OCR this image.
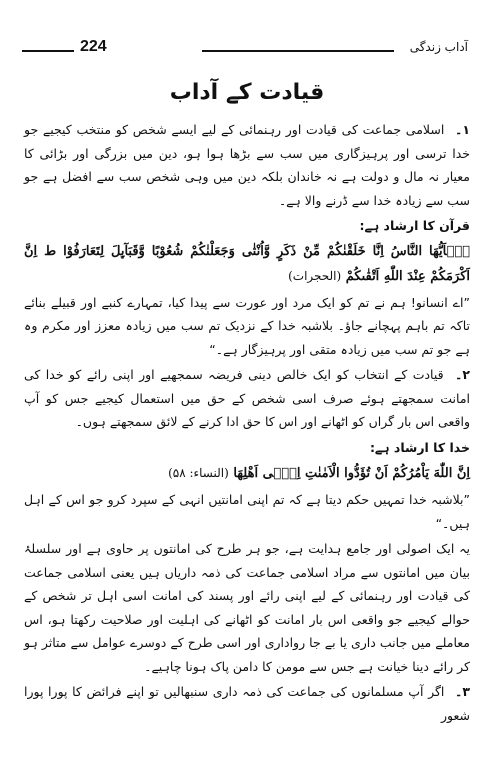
224	آداب زندگی
قیادت کے آداب

۱۔ اسلامی جماعت کی قیادت اور رہنمائی کے لیے ایسے شخص کو منتخب کیجیے جو خدا ترسی اور پرہیزگاری میں سب سے بڑھا ہوا ہو، دین میں بزرگی اور بڑائی کا معیار نہ مال و دولت ہے نہ خاندان بلکہ دین میں وہی شخص سب سے افضل ہے جو سب سے زیادہ خدا سے ڈرنے والا ہے۔

قرآن کا ارشاد ہے:

یٰۤاَیُّهَا النَّاسُ اِنَّا خَلَقْنٰكُمْ مِّنْ ذَكَرٍ وَّاُنْثٰى وَجَعَلْنٰكُمْ شُعُوْبًا وَّقَبَآىِٕلَ لِتَعَارَفُوْا ط اِنَّ اَكْرَمَكُمْ عِنْدَ اللّٰهِ اَتْقٰىكُمْ (الحجرات)

”اے انسانو! ہم نے تم کو ایک مرد اور عورت سے پیدا کیا، تمہارے کنبے اور قبیلے بنائے تاکہ تم باہم پہچانے جاؤ۔ بلاشبہ خدا کے نزدیک تم سب میں زیادہ معزز اور مکرم وہ ہے جو تم سب میں زیادہ متقی اور پرہیزگار ہے۔“

۲۔ قیادت کے انتخاب کو ایک خالص دینی فریضہ سمجھیے اور اپنی رائے کو خدا کی امانت سمجھتے ہوئے صرف اسی شخص کے حق میں استعمال کیجیے جس کو آپ واقعی اس بار گراں کو اٹھانے اور اس کا حق ادا کرنے کے لائق سمجھتے ہوں۔

خدا کا ارشاد ہے:

اِنَّ اللّٰهَ یَاْمُرُكُمْ اَنْ تُؤَدُّوا الْاَمٰنٰتِ اِلٰۤى اَهْلِهَا (النساء: ۵۸)

”بلاشبہ خدا تمہیں حکم دیتا ہے کہ تم اپنی امانتیں انہی کے سپرد کرو جو اس کے اہل ہیں۔“

یہ ایک اصولی اور جامع ہدایت ہے، جو ہر طرح کی امانتوں پر حاوی ہے اور سلسلۂ بیان میں امانتوں سے مراد اسلامی جماعت کی ذمہ داریاں ہیں یعنی اسلامی جماعت کی قیادت اور رہنمائی کے لیے اپنی رائے اور پسند کی امانت اسی اہل تر شخص کے حوالے کیجیے جو واقعی اس بار امانت کو اٹھانے کی اہلیت اور صلاحیت رکھتا ہو، اس معاملے میں جانب داری یا بے جا رواداری اور اسی طرح کے دوسرے عوامل سے متاثر ہو کر رائے دینا خیانت ہے جس سے مومن کا دامن پاک ہونا چاہیے۔

۳۔ اگر آپ مسلمانوں کی جماعت کی ذمہ داری سنبھالیں تو اپنے فرائض کا پورا پورا شعور
